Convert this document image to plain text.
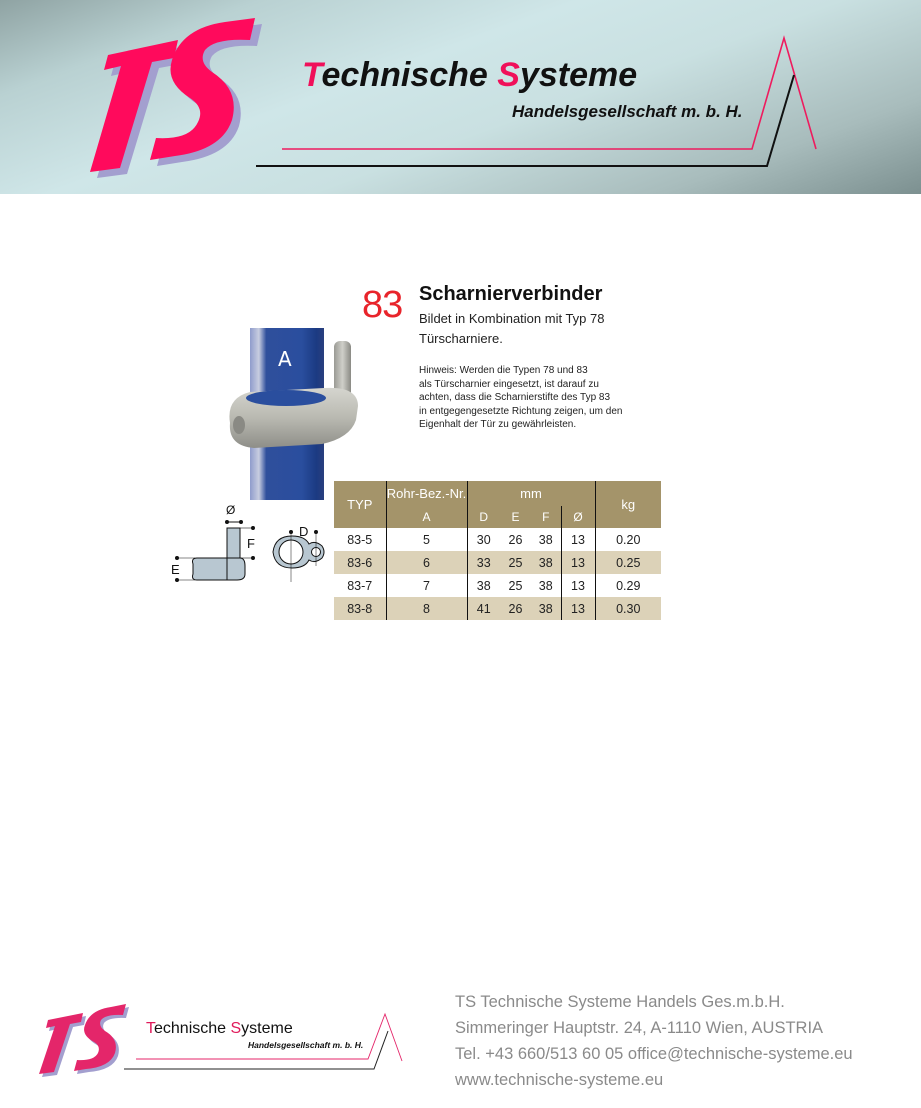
Technische Systeme
Handelsgesellschaft m. b. H.
83 Scharnierverbinder
Bildet in Kombination mit Typ 78
Türscharniere.
Hinweis: Werden die Typen 78 und 83
als Türscharnier eingesetzt, ist darauf zu
achten, dass die Scharnierstifte des Typ 83
in entgegengesetzte Richtung zeigen, um den
Eigenhalt der Tür zu gewährleisten.
A
Ø
F
E
D
TYP	Rohr-Bez.-Nr.	mm				kg
	A	D	E	F	Ø	
83-5	5	30	26	38	13	0.20
83-6	6	33	25	38	13	0.25
83-7	7	38	25	38	13	0.29
83-8	8	41	26	38	13	0.30
Technische Systeme
Handelsgesellschaft m. b. H.
TS Technische Systeme Handels Ges.m.b.H.
Simmeringer Hauptstr. 24, A-1110 Wien, AUSTRIA
Tel. +43 660/513 60 05 office@technische-systeme.eu
www.technische-systeme.eu
